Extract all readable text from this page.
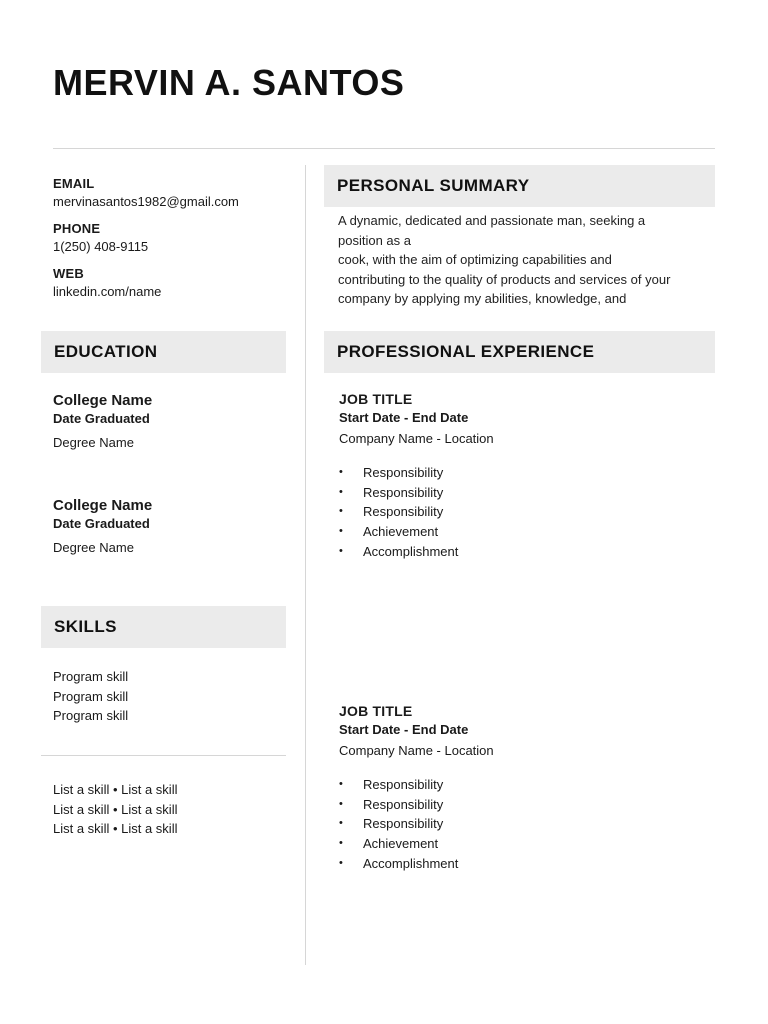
MERVIN A. SANTOS
EMAIL
mervinasantos1982@gmail.com
PHONE
1(250) 408-9115
WEB
linkedin.com/name
PERSONAL SUMMARY
A dynamic, dedicated and passionate man, seeking a
position as a
cook, with the aim of optimizing capabilities and
contributing to the quality of products and services of your
company by applying my abilities, knowledge, and
EDUCATION
College Name
Date Graduated
Degree Name
College Name
Date Graduated
Degree Name
SKILLS
Program skill
Program skill
Program skill
List a skill • List a skill
List a skill • List a skill
List a skill • List a skill
PROFESSIONAL EXPERIENCE
JOB TITLE
Start Date - End Date
Company Name - Location
• Responsibility
• Responsibility
• Responsibility
• Achievement
• Accomplishment
JOB TITLE
Start Date - End Date
Company Name - Location
• Responsibility
• Responsibility
• Responsibility
• Achievement
• Accomplishment
